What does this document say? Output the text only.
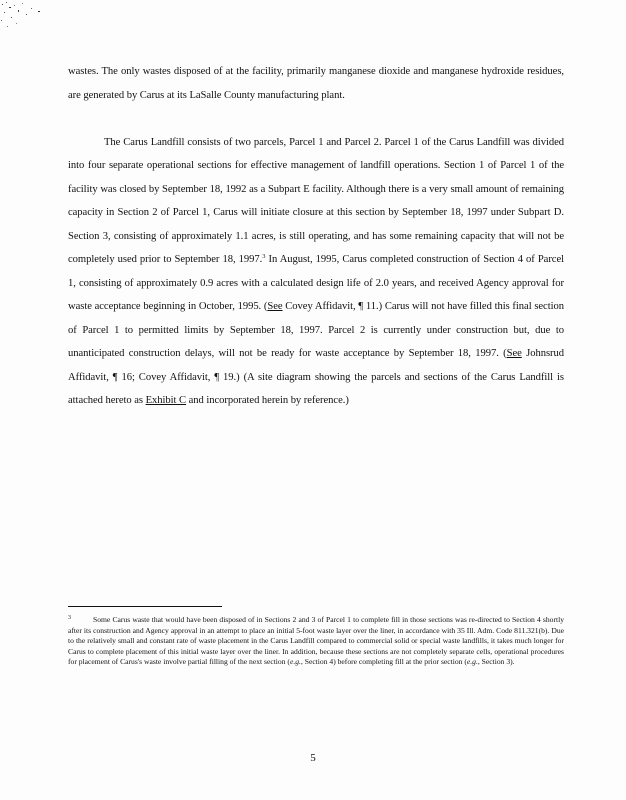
wastes. The only wastes disposed of at the facility, primarily manganese dioxide and manganese hydroxide residues, are generated by Carus at its LaSalle County manufacturing plant.

The Carus Landfill consists of two parcels, Parcel 1 and Parcel 2. Parcel 1 of the Carus Landfill was divided into four separate operational sections for effective management of landfill operations. Section 1 of Parcel 1 of the facility was closed by September 18, 1992 as a Subpart E facility. Although there is a very small amount of remaining capacity in Section 2 of Parcel 1, Carus will initiate closure at this section by September 18, 1997 under Subpart D. Section 3, consisting of approximately 1.1 acres, is still operating, and has some remaining capacity that will not be completely used prior to September 18, 1997.$^3$ In August, 1995, Carus completed construction of Section 4 of Parcel 1, consisting of approximately 0.9 acres with a calculated design life of 2.0 years, and received Agency approval for waste acceptance beginning in October, 1995. (See Covey Affidavit, ¶ 11.) Carus will not have filled this final section of Parcel 1 to permitted limits by September 18, 1997. Parcel 2 is currently under construction but, due to unanticipated construction delays, will not be ready for waste acceptance by September 18, 1997. (See Johnsrud Affidavit, ¶ 16; Covey Affidavit, ¶ 19.) (A site diagram showing the parcels and sections of the Carus Landfill is attached hereto as Exhibit C and incorporated herein by reference.)

$^3$	Some Carus waste that would have been disposed of in Sections 2 and 3 of Parcel 1 to complete fill in those sections was re-directed to Section 4 shortly after its construction and Agency approval in an attempt to place an initial 5-foot waste layer over the liner, in accordance with 35 Ill. Adm. Code 811.321(b). Due to the relatively small and constant rate of waste placement in the Carus Landfill compared to commercial solid or special waste landfills, it takes much longer for Carus to complete placement of this initial waste layer over the liner. In addition, because these sections are not completely separate cells, operational procedures for placement of Carus's waste involve partial filling of the next section (e.g., Section 4) before completing fill at the prior section (e.g., Section 3).
5
